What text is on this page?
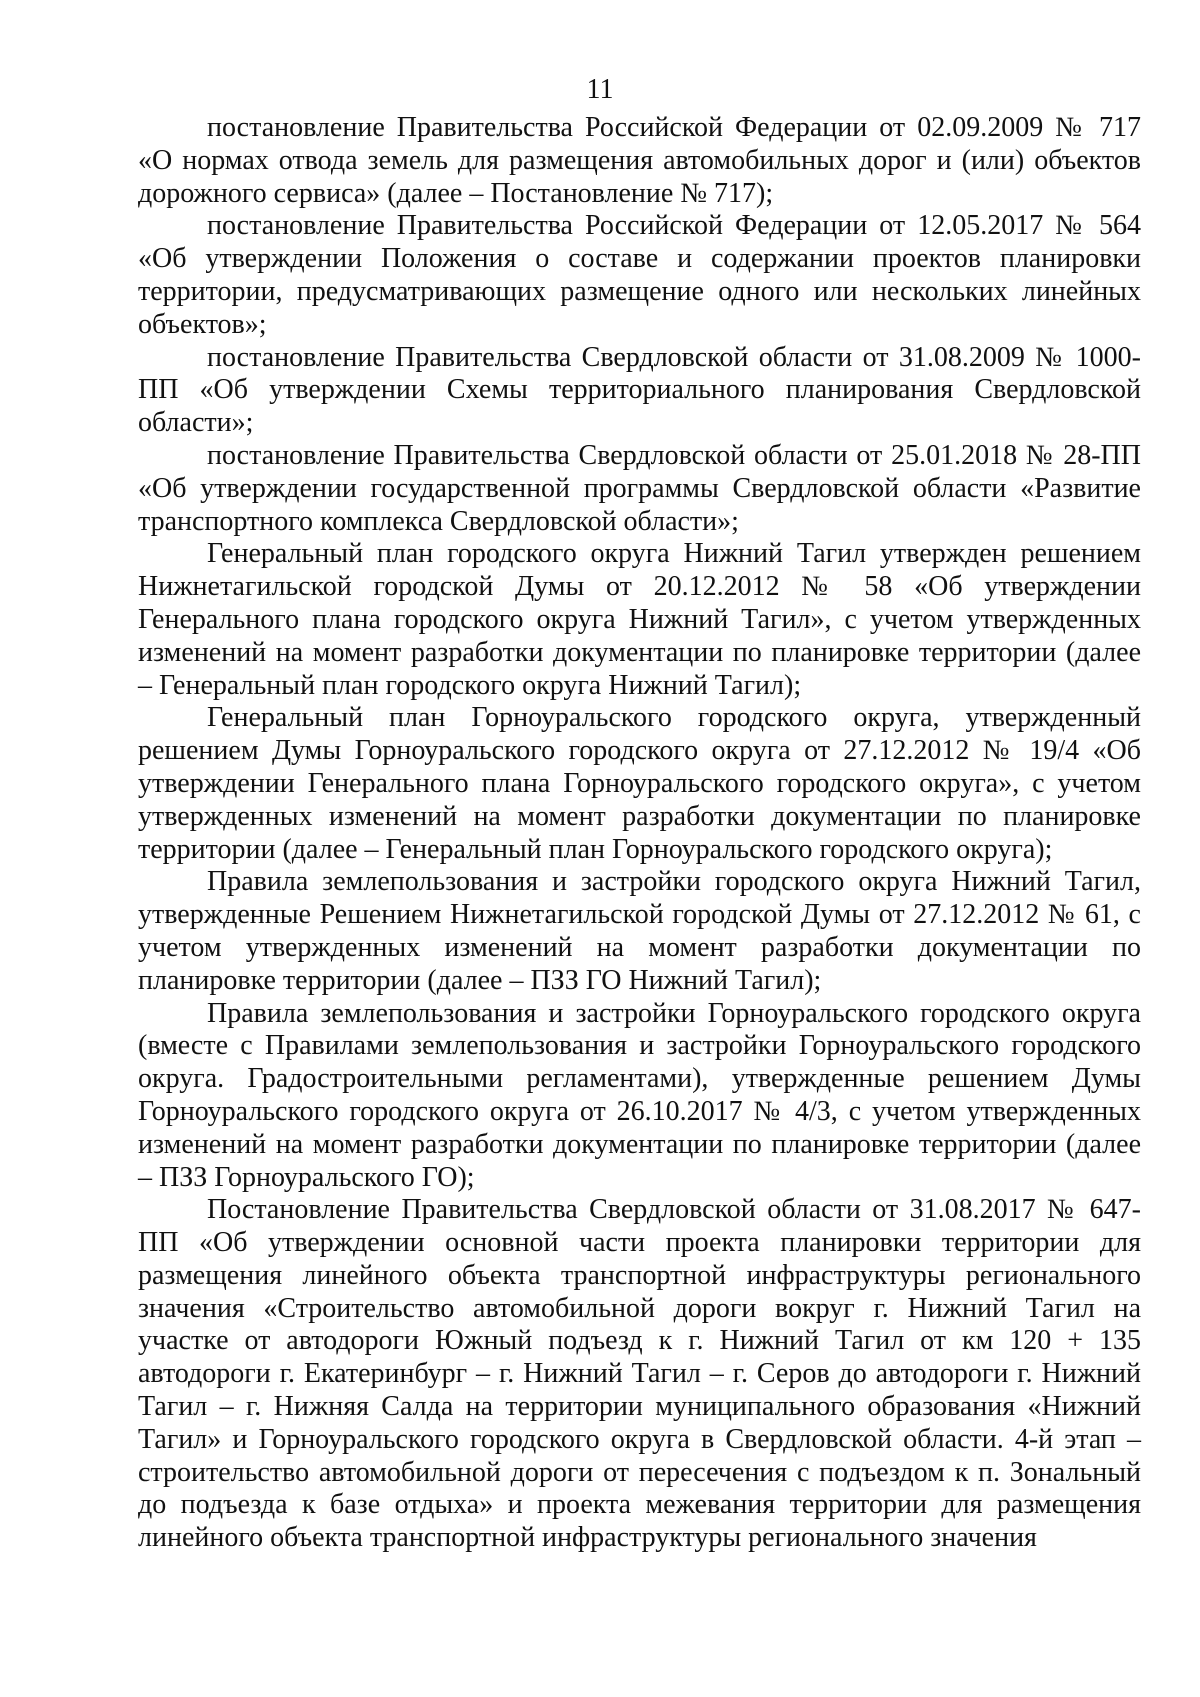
11

постановление Правительства Российской Федерации от 02.09.2009 № 717 «О нормах отвода земель для размещения автомобильных дорог и (или) объектов дорожного сервиса» (далее – Постановление № 717);

постановление Правительства Российской Федерации от 12.05.2017 № 564 «Об утверждении Положения о составе и содержании проектов планировки территории, предусматривающих размещение одного или нескольких линейных объектов»;

постановление Правительства Свердловской области от 31.08.2009 № 1000-ПП «Об утверждении Схемы территориального планирования Свердловской области»;

постановление Правительства Свердловской области от 25.01.2018 № 28-ПП «Об утверждении государственной программы Свердловской области «Развитие транспортного комплекса Свердловской области»;

Генеральный план городского округа Нижний Тагил утвержден решением Нижнетагильской городской Думы от 20.12.2012 № 58 «Об утверждении Генерального плана городского округа Нижний Тагил», с учетом утвержденных изменений на момент разработки документации по планировке территории (далее – Генеральный план городского округа Нижний Тагил);

Генеральный план Горноуральского городского округа, утвержденный решением Думы Горноуральского городского округа от 27.12.2012 № 19/4 «Об утверждении Генерального плана Горноуральского городского округа», с учетом утвержденных изменений на момент разработки документации по планировке территории (далее – Генеральный план Горноуральского городского округа);

Правила землепользования и застройки городского округа Нижний Тагил, утвержденные Решением Нижнетагильской городской Думы от 27.12.2012 № 61, с учетом утвержденных изменений на момент разработки документации по планировке территории (далее – ПЗЗ ГО Нижний Тагил);

Правила землепользования и застройки Горноуральского городского округа (вместе с Правилами землепользования и застройки Горноуральского городского округа. Градостроительными регламентами), утвержденные решением Думы Горноуральского городского округа от 26.10.2017 № 4/3, с учетом утвержденных изменений на момент разработки документации по планировке территории (далее – ПЗЗ Горноуральского ГО);

Постановление Правительства Свердловской области от 31.08.2017 № 647-ПП «Об утверждении основной части проекта планировки территории для размещения линейного объекта транспортной инфраструктуры регионального значения «Строительство автомобильной дороги вокруг г. Нижний Тагил на участке от автодороги Южный подъезд к г. Нижний Тагил от км 120 + 135 автодороги г. Екатеринбург – г. Нижний Тагил – г. Серов до автодороги г. Нижний Тагил – г. Нижняя Салда на территории муниципального образования «Нижний Тагил» и Горноуральского городского округа в Свердловской области. 4-й этап – строительство автомобильной дороги от пересечения с подъездом к п. Зональный до подъезда к базе отдыха» и проекта межевания территории для размещения линейного объекта транспортной инфраструктуры регионального значения
